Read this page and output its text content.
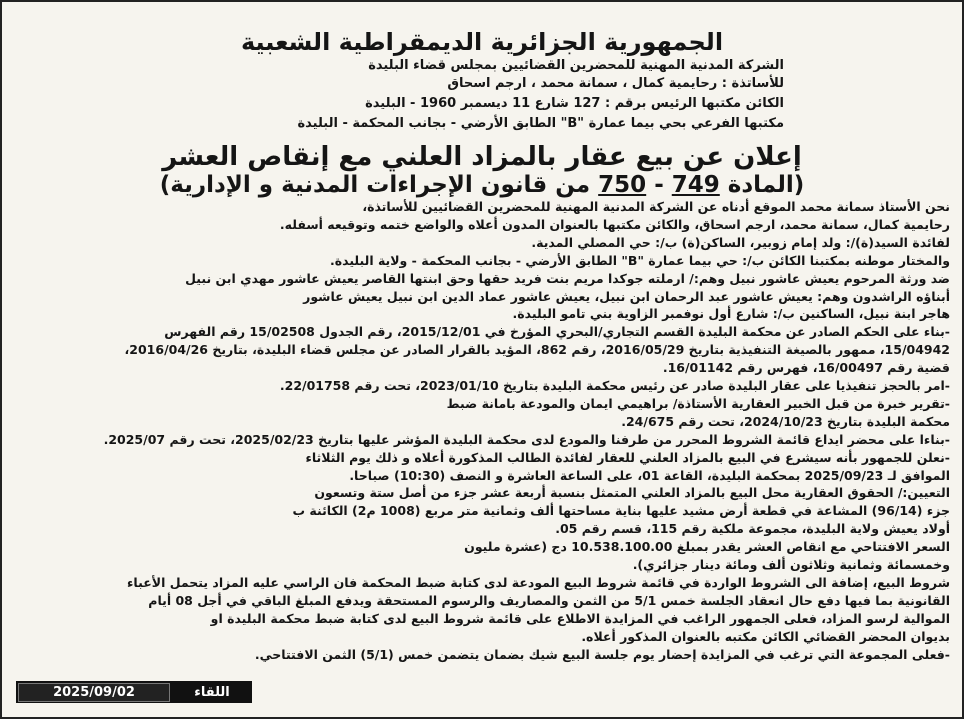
الجمهورية الجزائرية الديمقراطية الشعبية
الشركة المدنية المهنية للمحضرين القضائيين بمجلس قضاء البليدة
للأساتذة : رحايمية كمال ، سمانة محمد ، ارجم اسحاق
الكائن مكتبها الرئيس برقم : 127 شارع 11 ديسمبر 1960 - البليدة
مكتبها الفرعي بحي بيما عمارة "B" الطابق الأرضي - بجانب المحكمة - البليدة
إعلان عن بيع عقار بالمزاد العلني مع إنقاص العشر
(المادة 749 - 750 من قانون الإجراءات المدنية و الإدارية)
نحن الأستاذ سمانة محمد الموقع أدناه عن الشركة المدنية المهنية للمحضرين القضائيين للأساتذة،
رحايمية كمال، سمانة محمد، ارجم اسحاق، والكائن مكتبها بالعنوان المدون أعلاه والواضع ختمه وتوقيعه أسفله.
لفائدة السيد(ة)/: ولد إمام زوبير، الساكن(ة) ب/: حي المصلي المدية.
والمختار موطنه بمكتبنا الكائن ب/: حي بيما عمارة "B" الطابق الأرضي - بجانب المحكمة - ولاية البليدة.
ضد ورثة المرحوم يعيش عاشور نبيل وهم:/ ارملته جوكدا مريم بنت فريد حقها وحق ابنتها القاصر يعيش عاشور مهدي ابن نبيل
أبناؤه الراشدون وهم: يعيش عاشور عبد الرحمان ابن نبيل، يعيش عاشور عماد الدين ابن نبيل يعيش عاشور
هاجر ابنة نبيل، الساكنين ب/: شارع أول نوفمبر الزاوية بني تامو البليدة.
-بناء على الحكم الصادر عن محكمة البليدة القسم التجاري/البحري المؤرخ في 2015/12/01، رقم الجدول 15/02508 رقم الفهرس
15/04942، ممهور بالصيغة التنفيذية بتاريخ 2016/05/29، رقم 862، المؤيد بالقرار الصادر عن مجلس قضاء البليدة، بتاريخ 2016/04/26،
قضية رقم 16/00497، فهرس رقم 16/01142.
-امر بالحجز تنفيذيا على عقار البليدة صادر عن رئيس محكمة البليدة بتاريخ 2023/01/10، تحت رقم 22/01758.
-تقرير خبرة من قبل الخبير العقارية الأستاذة/ براهيمي ايمان والمودعة بامانة ضبط
محكمة البليدة بتاريخ 2024/10/23، تحت رقم 24/675.
-بناءا على محضر ايداع قائمة الشروط المحرر من طرفنا والمودع لدى محكمة البليدة المؤشر عليها بتاريخ 2025/02/23، تحت رقم 2025/07.
-نعلن للجمهور بأنه سيشرع في البيع بالمزاد العلني للعقار لفائدة الطالب المذكورة أعلاه و ذلك يوم الثلاثاء
الموافق لـ 2025/09/23 بمحكمة البليدة، القاعة 01، على الساعة العاشرة و النصف (10:30) صباحا.
التعيين:/ الحقوق العقارية محل البيع بالمزاد العلني المتمثل بنسبة أربعة عشر جزء من أصل ستة وتسعون
جزء (96/14) المشاعة في قطعة أرض مشيد عليها بناية مساحتها ألف وثمانية متر مربع (1008 م2) الكائنة ب
أولاد يعيش ولاية البليدة، مجموعة ملكية رقم 115، قسم رقم 05.
السعر الافتتاحي مع انقاص العشر يقدر بمبلغ 10.538.100.00 دج (عشرة مليون
وخمسمائة وثمانية وثلاثون ألف ومائة دينار جزائري).
شروط البيع، إضافة الى الشروط الواردة في قائمة شروط البيع المودعة لدى كتابة ضبط المحكمة فان الراسي عليه المزاد يتحمل الأعباء
القانونية بما فيها دفع حال انعقاد الجلسة خمس 5/1 من الثمن والمصاريف والرسوم المستحقة ويدفع المبلغ الباقي في أجل 08 أيام
الموالية لرسو المزاد، فعلى الجمهور الراغب في المزايدة الاطلاع على قائمة شروط البيع لدى كتابة ضبط محكمة البليدة او
بديوان المحضر القضائي الكائن مكتبه بالعنوان المذكور أعلاه.
-فعلى المجموعة التي ترغب في المزايدة إحضار يوم جلسة البيع شيك بضمان يتضمن خمس (5/1) الثمن الافتتاحي.
2025/09/02	اللقاء
